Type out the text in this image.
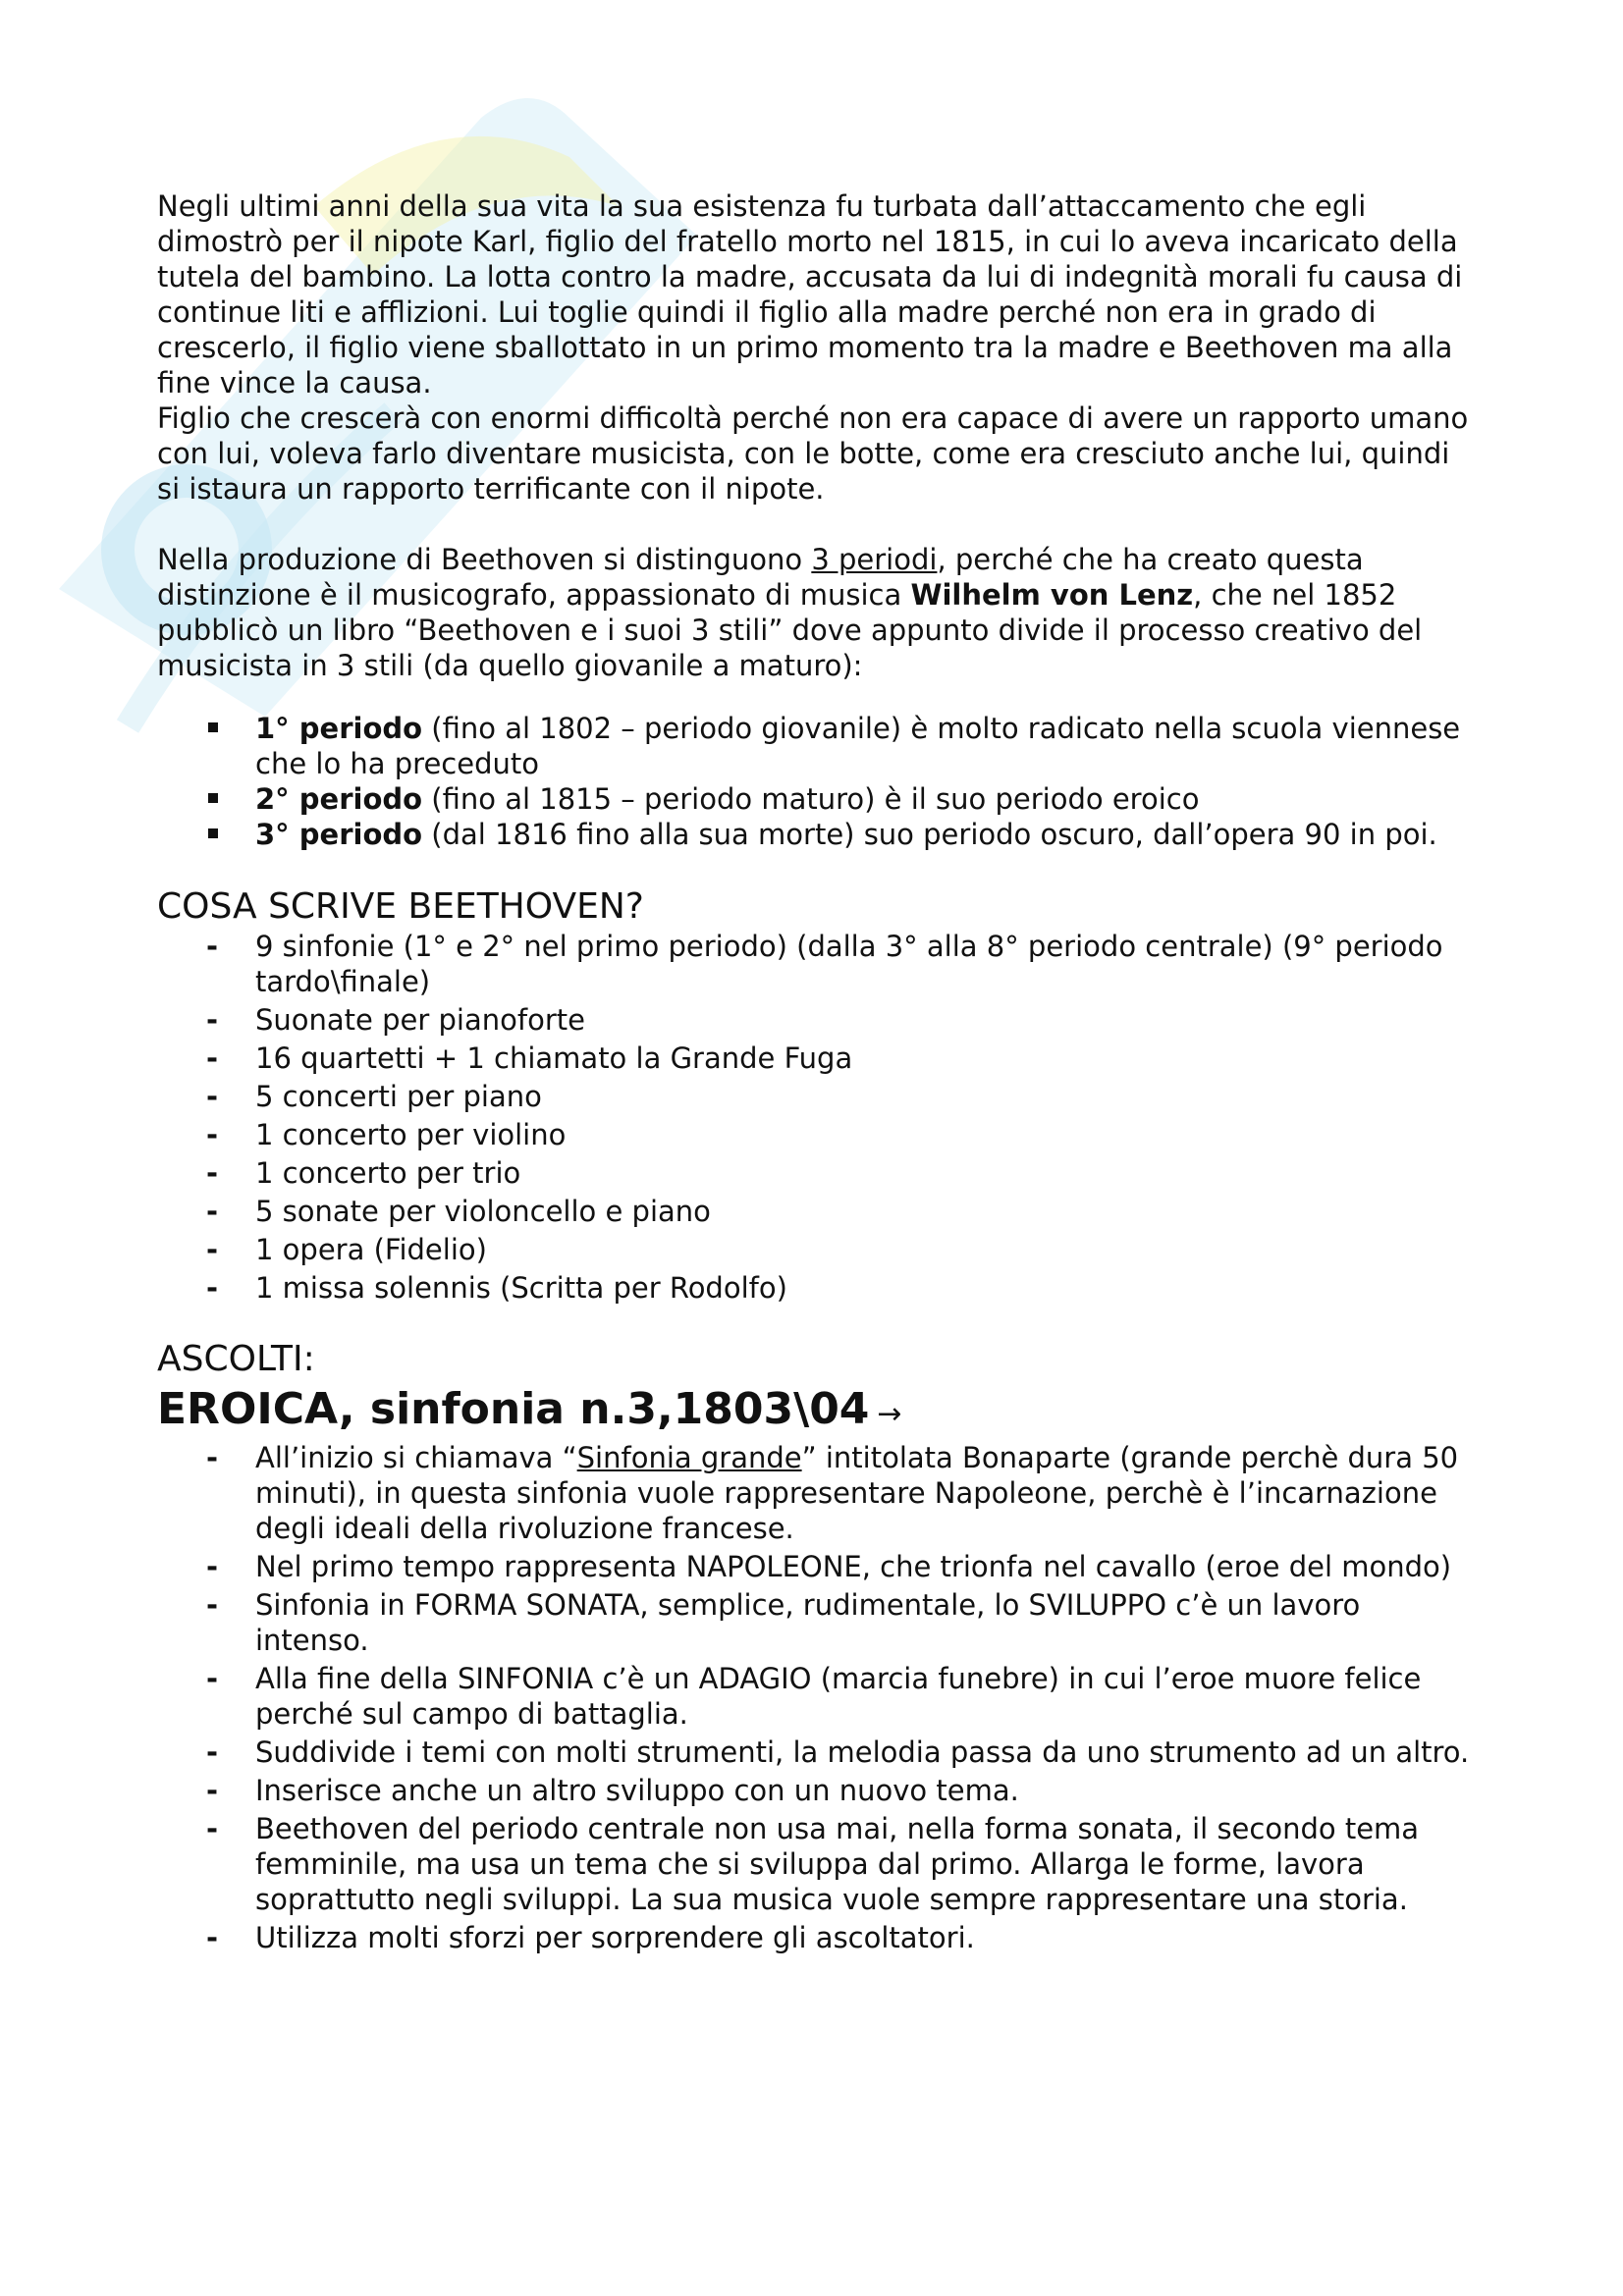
Negli ultimi anni della sua vita la sua esistenza fu turbata dall’attaccamento che egli dimostrò per il nipote Karl, figlio del fratello morto nel 1815, in cui lo aveva incaricato della tutela del bambino. La lotta contro la madre, accusata da lui di indegnità morali fu causa di continue liti e afflizioni. Lui toglie quindi il figlio alla madre perché non era in grado di crescerlo, il figlio viene sballottato in un primo momento tra la madre e Beethoven ma alla fine vince la causa.

Figlio che crescerà con enormi difficoltà perché non era capace di avere un rapporto umano con lui, voleva farlo diventare musicista, con le botte, come era cresciuto anche lui, quindi si istaura un rapporto terrificante con il nipote.

Nella produzione di Beethoven si distinguono 3 periodi, perché che ha creato questa distinzione è il musicografo, appassionato di musica Wilhelm von Lenz, che nel 1852 pubblicò un libro “Beethoven e i suoi 3 stili” dove appunto divide il processo creativo del musicista in 3 stili (da quello giovanile a maturo):

1° periodo (fino al 1802 – periodo giovanile) è molto radicato nella scuola viennese che lo ha preceduto
2° periodo (fino al 1815 – periodo maturo) è il suo periodo eroico
3° periodo (dal 1816 fino alla sua morte) suo periodo oscuro, dall’opera 90 in poi.
COSA SCRIVE BEETHOVEN?
- 9 sinfonie (1° e 2° nel primo periodo) (dalla 3° alla 8° periodo centrale) (9° periodo tardo\finale)
- Suonate per pianoforte
- 16 quartetti + 1 chiamato la Grande Fuga
- 5 concerti per piano
- 1 concerto per violino
- 1 concerto per trio
- 5 sonate per violoncello e piano
- 1 opera (Fidelio)
- 1 missa solennis (Scritta per Rodolfo)
ASCOLTI:
EROICA, sinfonia n.3,1803\04 →
- All’inizio si chiamava “Sinfonia grande” intitolata Bonaparte (grande perchè dura 50 minuti), in questa sinfonia vuole rappresentare Napoleone, perchè è l’incarnazione degli ideali della rivoluzione francese.
- Nel primo tempo rappresenta NAPOLEONE, che trionfa nel cavallo (eroe del mondo)
- Sinfonia in FORMA SONATA, semplice, rudimentale, lo SVILUPPO c’è un lavoro intenso.
- Alla fine della SINFONIA c’è un ADAGIO (marcia funebre) in cui l’eroe muore felice perché sul campo di battaglia.
- Suddivide i temi con molti strumenti, la melodia passa da uno strumento ad un altro.
- Inserisce anche un altro sviluppo con un nuovo tema.
- Beethoven del periodo centrale non usa mai, nella forma sonata, il secondo tema femminile, ma usa un tema che si sviluppa dal primo. Allarga le forme, lavora soprattutto negli sviluppi. La sua musica vuole sempre rappresentare una storia.
- Utilizza molti sforzi per sorprendere gli ascoltatori.
